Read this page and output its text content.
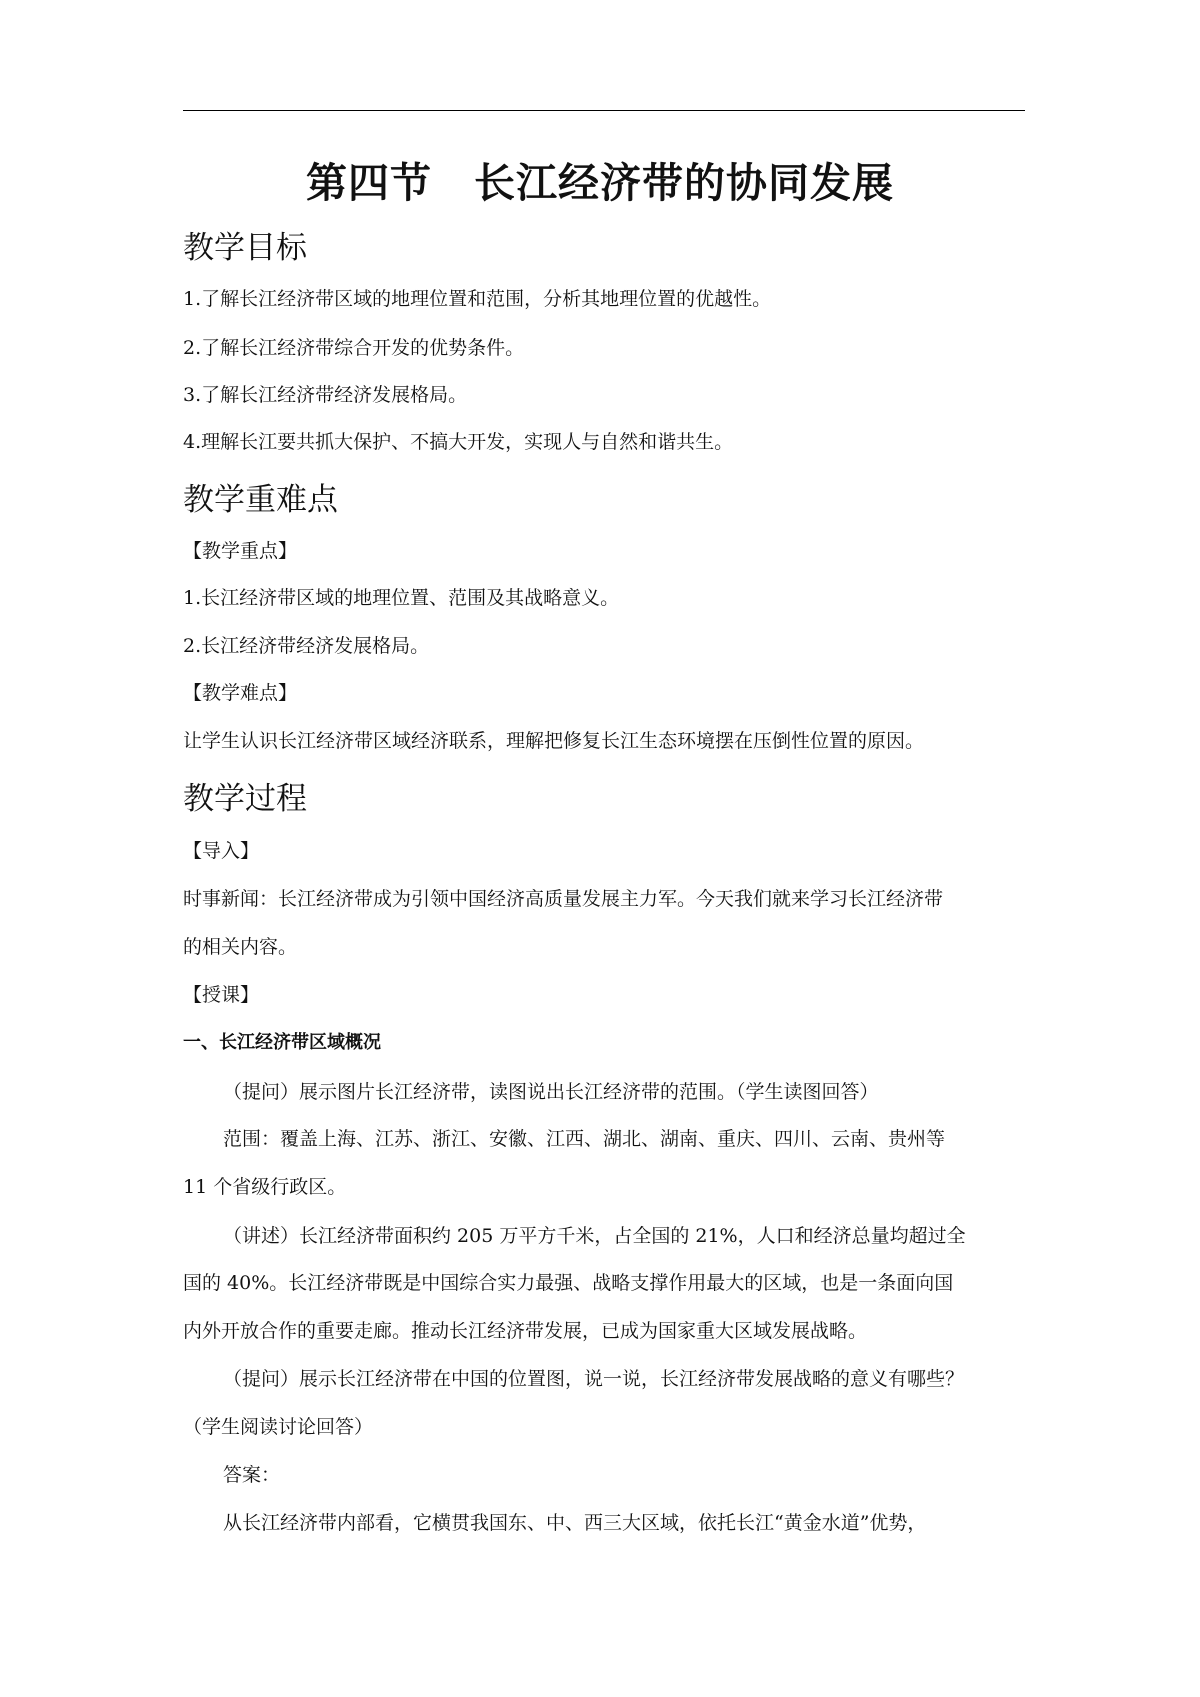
第四节　长江经济带的协同发展
教学目标
1.了解长江经济带区域的地理位置和范围，分析其地理位置的优越性。
2.了解长江经济带综合开发的优势条件。
3.了解长江经济带经济发展格局。
4.理解长江要共抓大保护、不搞大开发，实现人与自然和谐共生。
教学重难点
【教学重点】
1.长江经济带区域的地理位置、范围及其战略意义。
2.长江经济带经济发展格局。
【教学难点】
让学生认识长江经济带区域经济联系，理解把修复长江生态环境摆在压倒性位置的原因。
教学过程
【导入】
时事新闻：长江经济带成为引领中国经济高质量发展主力军。今天我们就来学习长江经济带
的相关内容。
【授课】
一、长江经济带区域概况
（提问）展示图片长江经济带，读图说出长江经济带的范围。（学生读图回答）
范围：覆盖上海、江苏、浙江、安徽、江西、湖北、湖南、重庆、四川、云南、贵州等
11 个省级行政区。
（讲述）长江经济带面积约 205 万平方千米，占全国的 21%，人口和经济总量均超过全
国的 40%。长江经济带既是中国综合实力最强、战略支撑作用最大的区域，也是一条面向国
内外开放合作的重要走廊。推动长江经济带发展，已成为国家重大区域发展战略。
（提问）展示长江经济带在中国的位置图，说一说，长江经济带发展战略的意义有哪些？
（学生阅读讨论回答）
答案：
从长江经济带内部看，它横贯我国东、中、西三大区域，依托长江“黄金水道”优势，
